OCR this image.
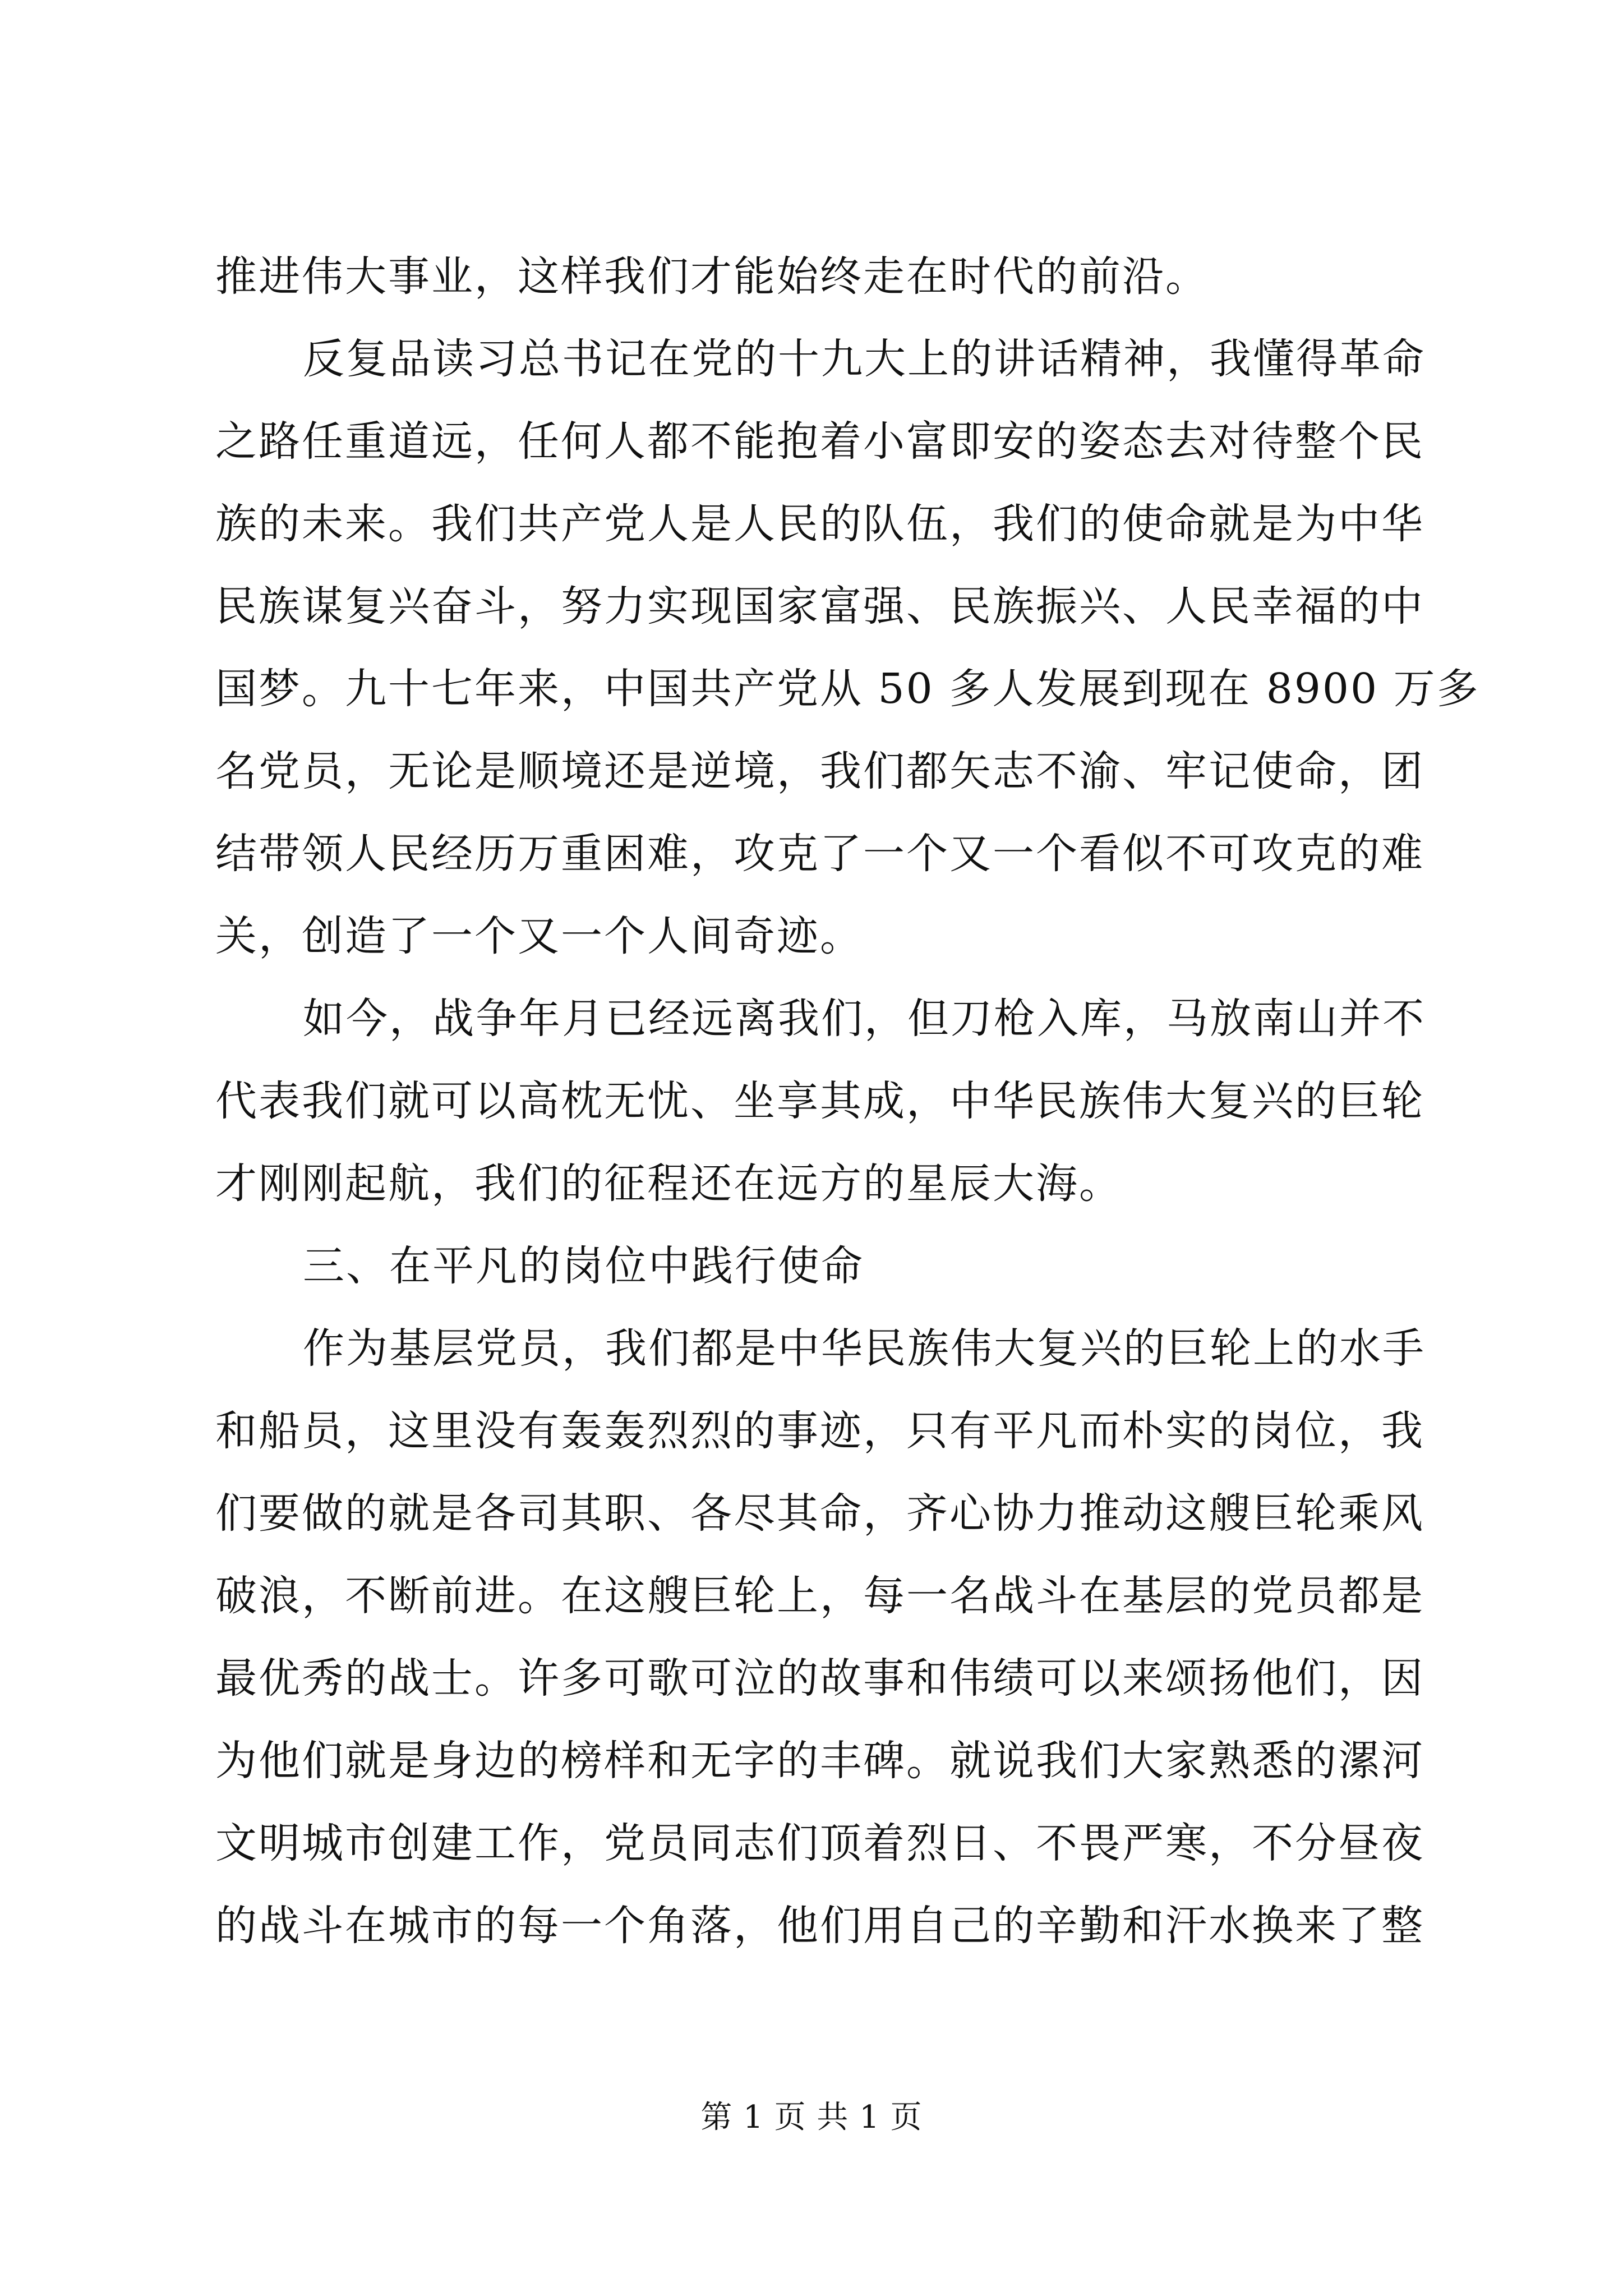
推进伟大事业，这样我们才能始终走在时代的前沿。
反复品读习总书记在党的十九大上的讲话精神，我懂得革命
之路任重道远，任何人都不能抱着小富即安的姿态去对待整个民
族的未来。我们共产党人是人民的队伍，我们的使命就是为中华
民族谋复兴奋斗，努力实现国家富强、民族振兴、人民幸福的中
国梦。九十七年来，中国共产党从 50 多人发展到现在 8900 万多
名党员，无论是顺境还是逆境，我们都矢志不渝、牢记使命，团
结带领人民经历万重困难，攻克了一个又一个看似不可攻克的难
关，创造了一个又一个人间奇迹。
如今，战争年月已经远离我们，但刀枪入库，马放南山并不
代表我们就可以高枕无忧、坐享其成，中华民族伟大复兴的巨轮
才刚刚起航，我们的征程还在远方的星辰大海。
三、在平凡的岗位中践行使命
作为基层党员，我们都是中华民族伟大复兴的巨轮上的水手
和船员，这里没有轰轰烈烈的事迹，只有平凡而朴实的岗位，我
们要做的就是各司其职、各尽其命，齐心协力推动这艘巨轮乘风
破浪，不断前进。在这艘巨轮上，每一名战斗在基层的党员都是
最优秀的战士。许多可歌可泣的故事和伟绩可以来颂扬他们，因
为他们就是身边的榜样和无字的丰碑。就说我们大家熟悉的漯河
文明城市创建工作，党员同志们顶着烈日、不畏严寒，不分昼夜
的战斗在城市的每一个角落，他们用自己的辛勤和汗水换来了整
第 1 页 共 1 页
